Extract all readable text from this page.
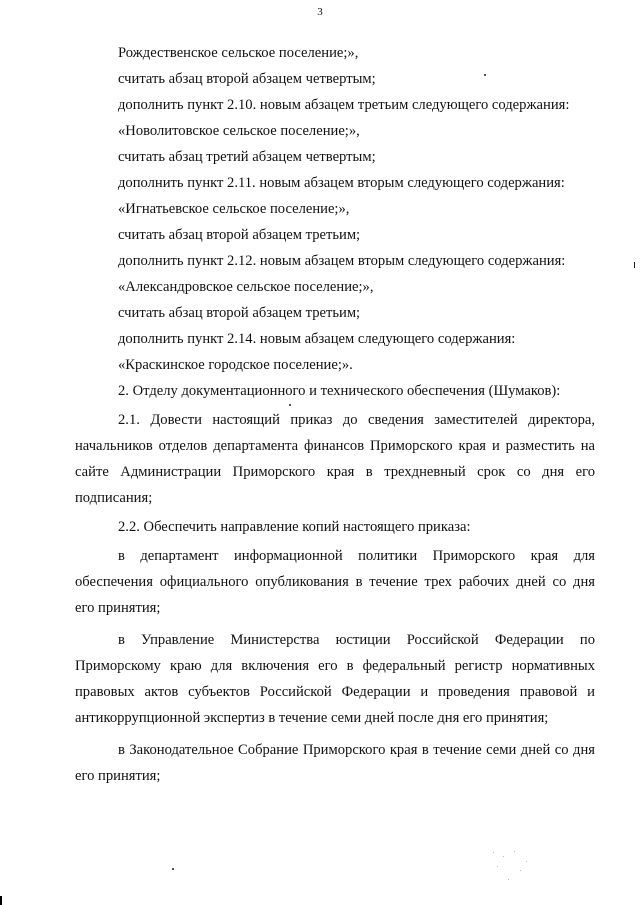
3
Рождественское сельское поселение;»,
считать абзац второй абзацем четвертым;
дополнить пункт 2.10. новым абзацем третьим следующего содержания:
«Новолитовское сельское поселение;»,
считать абзац третий абзацем четвертым;
дополнить пункт 2.11. новым абзацем вторым следующего содержания:
«Игнатьевское сельское поселение;»,
считать абзац второй абзацем третьим;
дополнить пункт 2.12. новым абзацем вторым следующего содержания:
«Александровское сельское поселение;»,
считать абзац второй абзацем третьим;
дополнить пункт 2.14. новым абзацем следующего содержания:
«Краскинское городское поселение;».
2. Отделу документационного и технического обеспечения (Шумаков):
2.1. Довести настоящий приказ до сведения заместителей директора,
начальников отделов департамента финансов Приморского края и разместить на
сайте Администрации Приморского края в трехдневный срок со дня его
подписания;
2.2. Обеспечить направление копий настоящего приказа:
в департамент информационной политики Приморского края для
обеспечения официального опубликования в течение трех рабочих дней со дня
его принятия;
в Управление Министерства юстиции Российской Федерации по
Приморскому краю для включения его в федеральный регистр нормативных
правовых актов субъектов Российской Федерации и проведения правовой и
антикоррупционной экспертиз в течение семи дней после дня его принятия;
в Законодательное Собрание Приморского края в течение семи дней со дня
его принятия;
